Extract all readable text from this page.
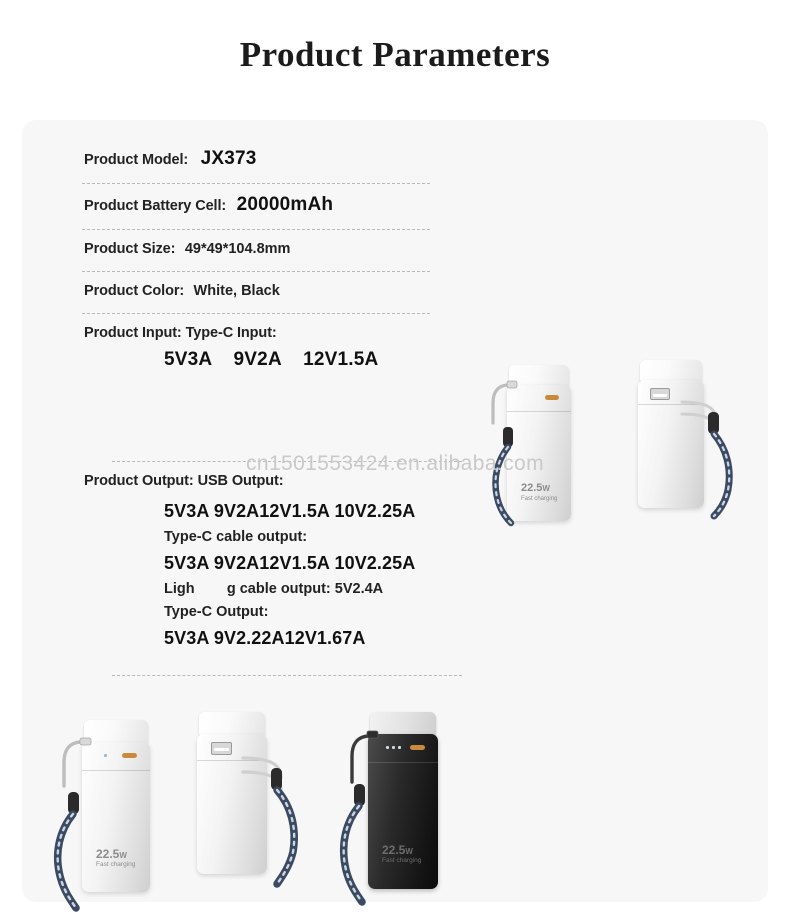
Product Parameters
Product Model: JX373
Product Battery Cell: 20000mAh
Product Size: 49*49*104.8mm
Product Color: White, Black
Product Input: Type-C Input:
5V3A    9V2A    12V1.5A
Product Output: USB Output:
5V3A 9V2A12V1.5A 10V2.25A
Type-C cable output:
5V3A 9V2A12V1.5A 10V2.25A
Ligh        g cable output: 5V2.4A
Type-C Output:
5V3A 9V2.22A12V1.67A
22.5W
Fast charging
22.5W
Fast charging
22.5W
Fast charging
cn1501553424.en.alibaba.com
